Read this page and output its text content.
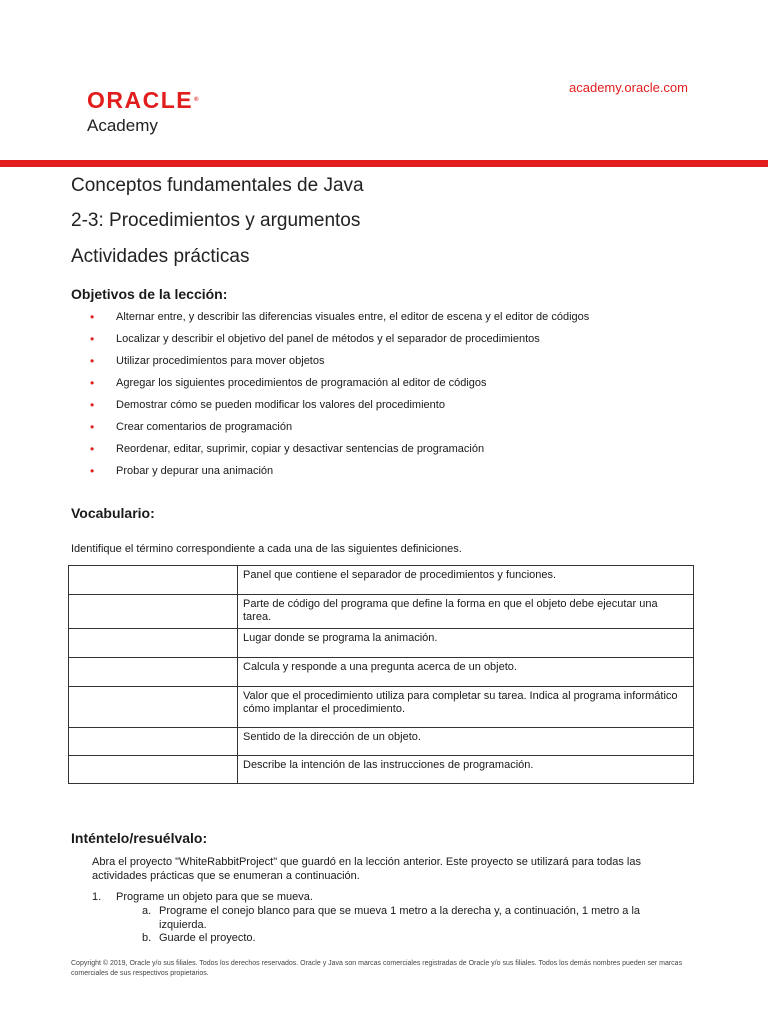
ORACLE®
Academy
academy.oracle.com
Conceptos fundamentales de Java
2-3: Procedimientos y argumentos
Actividades prácticas
Objetivos de la lección:
• Alternar entre, y describir las diferencias visuales entre, el editor de escena y el editor de códigos
• Localizar y describir el objetivo del panel de métodos y el separador de procedimientos
• Utilizar procedimientos para mover objetos
• Agregar los siguientes procedimientos de programación al editor de códigos
• Demostrar cómo se pueden modificar los valores del procedimiento
• Crear comentarios de programación
• Reordenar, editar, suprimir, copiar y desactivar sentencias de programación
• Probar y depurar una animación
Vocabulario:
Identifique el término correspondiente a cada una de las siguientes definiciones.
	Panel que contiene el separador de procedimientos y funciones.
	Parte de código del programa que define la forma en que el objeto debe ejecutar una tarea.
	Lugar donde se programa la animación.
	Calcula y responde a una pregunta acerca de un objeto.
	Valor que el procedimiento utiliza para completar su tarea. Indica al programa informático cómo implantar el procedimiento.
	Sentido de la dirección de un objeto.
	Describe la intención de las instrucciones de programación.
Inténtelo/resuélvalo:
Abra el proyecto "WhiteRabbitProject" que guardó en la lección anterior. Este proyecto se utilizará para todas las actividades prácticas que se enumeran a continuación.
1. Programe un objeto para que se mueva.
a. Programe el conejo blanco para que se mueva 1 metro a la derecha y, a continuación, 1 metro a la izquierda.
b. Guarde el proyecto.
Copyright © 2019, Oracle y/o sus filiales. Todos los derechos reservados. Oracle y Java son marcas comerciales registradas de Oracle y/o sus filiales. Todos los demás nombres pueden ser marcas comerciales de sus respectivos propietarios.
